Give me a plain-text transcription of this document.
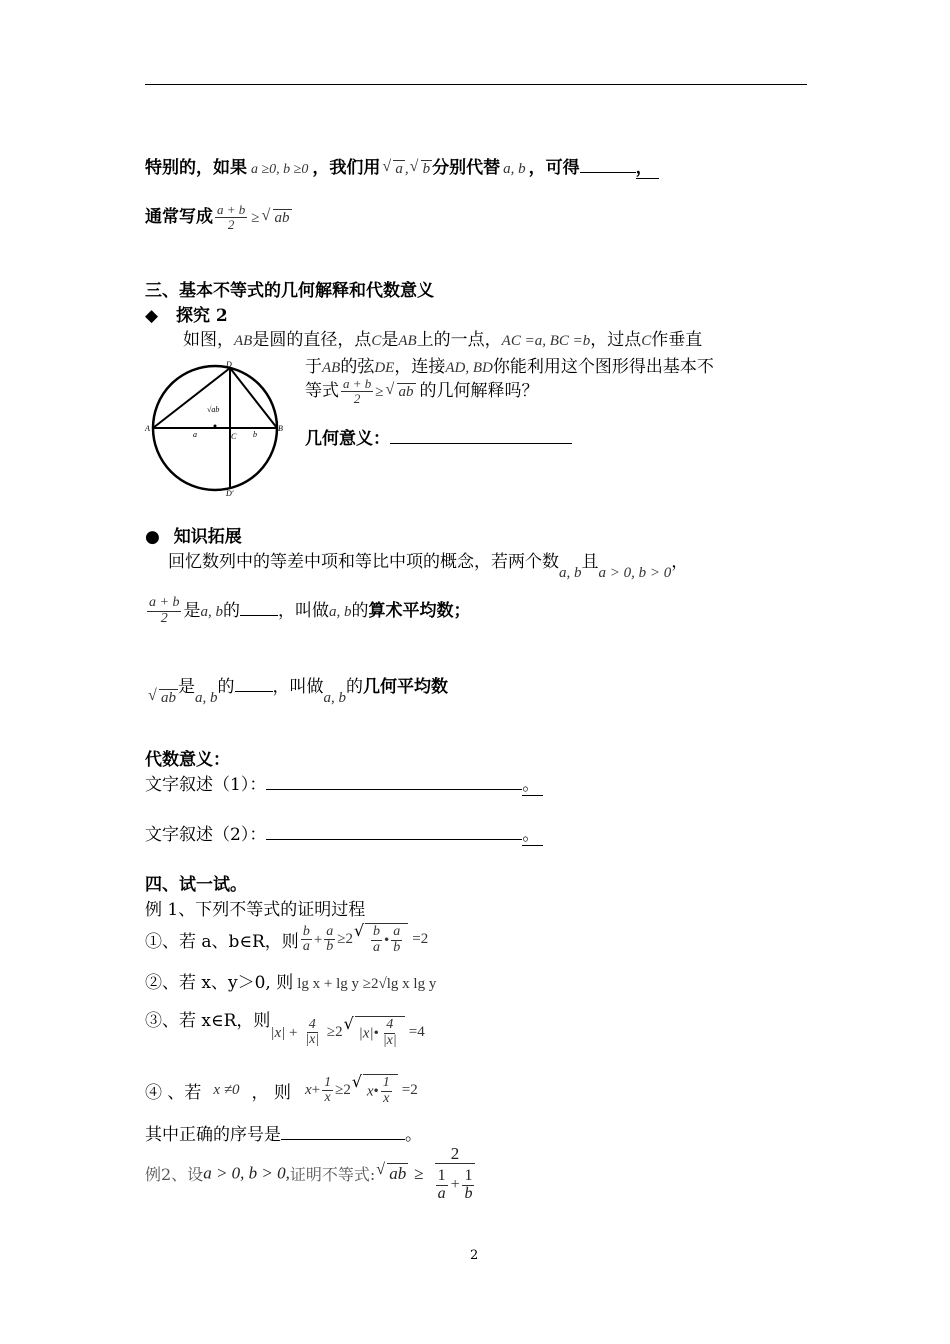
特别的，如果 a ≥0, b ≥0 ，我们用√ a ,√ b 分别代替 a, b ，可得	，
通常写成 $\frac{a + b}{2}$ ≥√ ab
三、基本不等式的几何解释和代数意义
◆ 探究 2
如图，AB是圆的直径，点C是AB上的一点，AC =a, BC =b，过点C作垂直
于AB的弦DE，连接AD, BD你能利用这个图形得出基本不
等式 $\frac{a + b}{2}$ ≥√ ab 的几何解释吗？
几何意义：
D
A	B
C
a	b
√ab
D′
● 知识拓展
回忆数列中的等差中项和等比中项的概念，若两个数a, b且a > 0, b > 0，
$\frac{a + b}{2}$ 是a, b的 ，叫做a, b的算术平均数；
√ ab是a, b的 ，叫做a, b的几何平均数
代数意义：
文字叙述（1）：	。
文字叙述（2）：	。
四、试一试。
例 1、下列不等式的证明过程
①、若 a、b∈R，则 $\frac{b}{a} + \frac{a}{b} \ge 2$
√ $\frac{b}{a}$ • $\frac{a}{b} =2$
②、若 x、y＞0, 则 lg x + lg y ≥2√lg x lg y
③、若 x∈R，则$|x| + \frac{4}{|x|} \ge 2√$ |x|• $\frac{4}{|x|} =4$
④ 、若 x ≠0 ， 则 $x+ \frac{1}{x} \ge 2√$ x• $\frac{1}{x} =2$
其中正确的序号是	。
例2、设a > 0, b > 0,证明不等式:√ ab ≥ $\frac{2}{\frac{1}{a} + \frac{1}{b}}$
2
